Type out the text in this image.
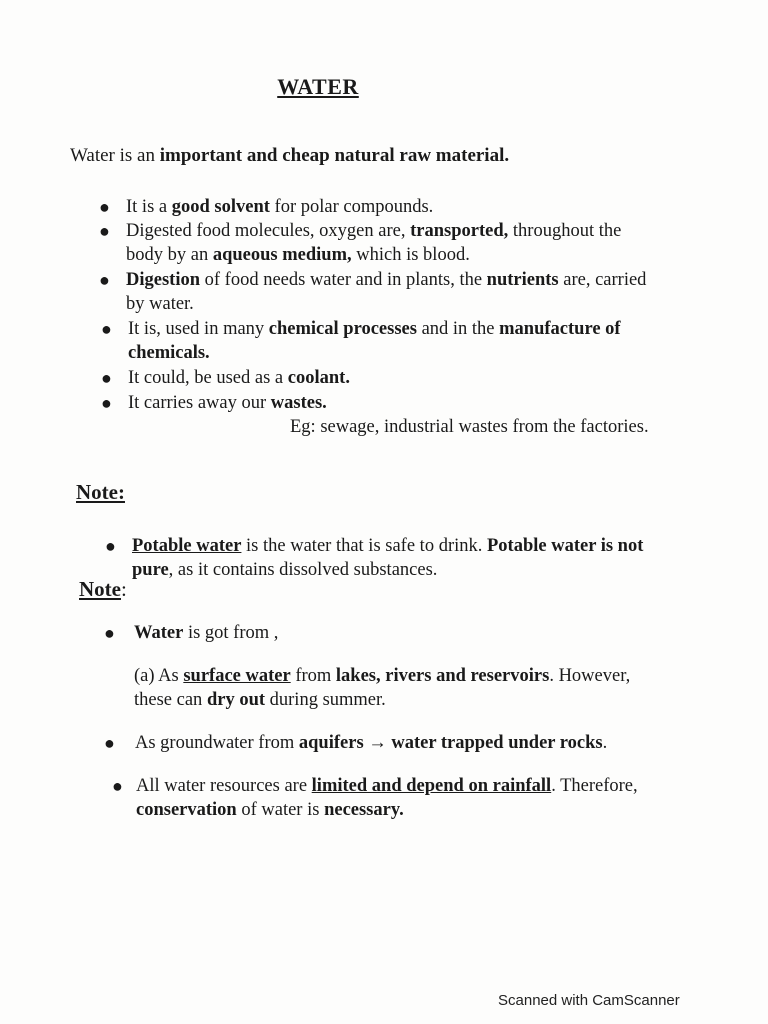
WATER
Water is an important and cheap natural raw material.
● It is a good solvent for polar compounds.
● Digested food molecules, oxygen are, transported, throughout the
body by an aqueous medium, which is blood.
● Digestion of food needs water and in plants, the nutrients are, carried
by water.
● It is, used in many chemical processes and in the manufacture of
chemicals.
● It could, be used as a coolant.
● It carries away our wastes.
Eg: sewage, industrial wastes from the factories.
Note:
● Potable water is the water that is safe to drink. Potable water is not
pure, as it contains dissolved substances.
Note:
● Water is got from ,
(a) As surface water from lakes, rivers and reservoirs. However,
these can dry out during summer.
● As groundwater from aquifers → water trapped under rocks.
● All water resources are limited and depend on rainfall. Therefore,
conservation of water is necessary.
Scanned with CamScanner
